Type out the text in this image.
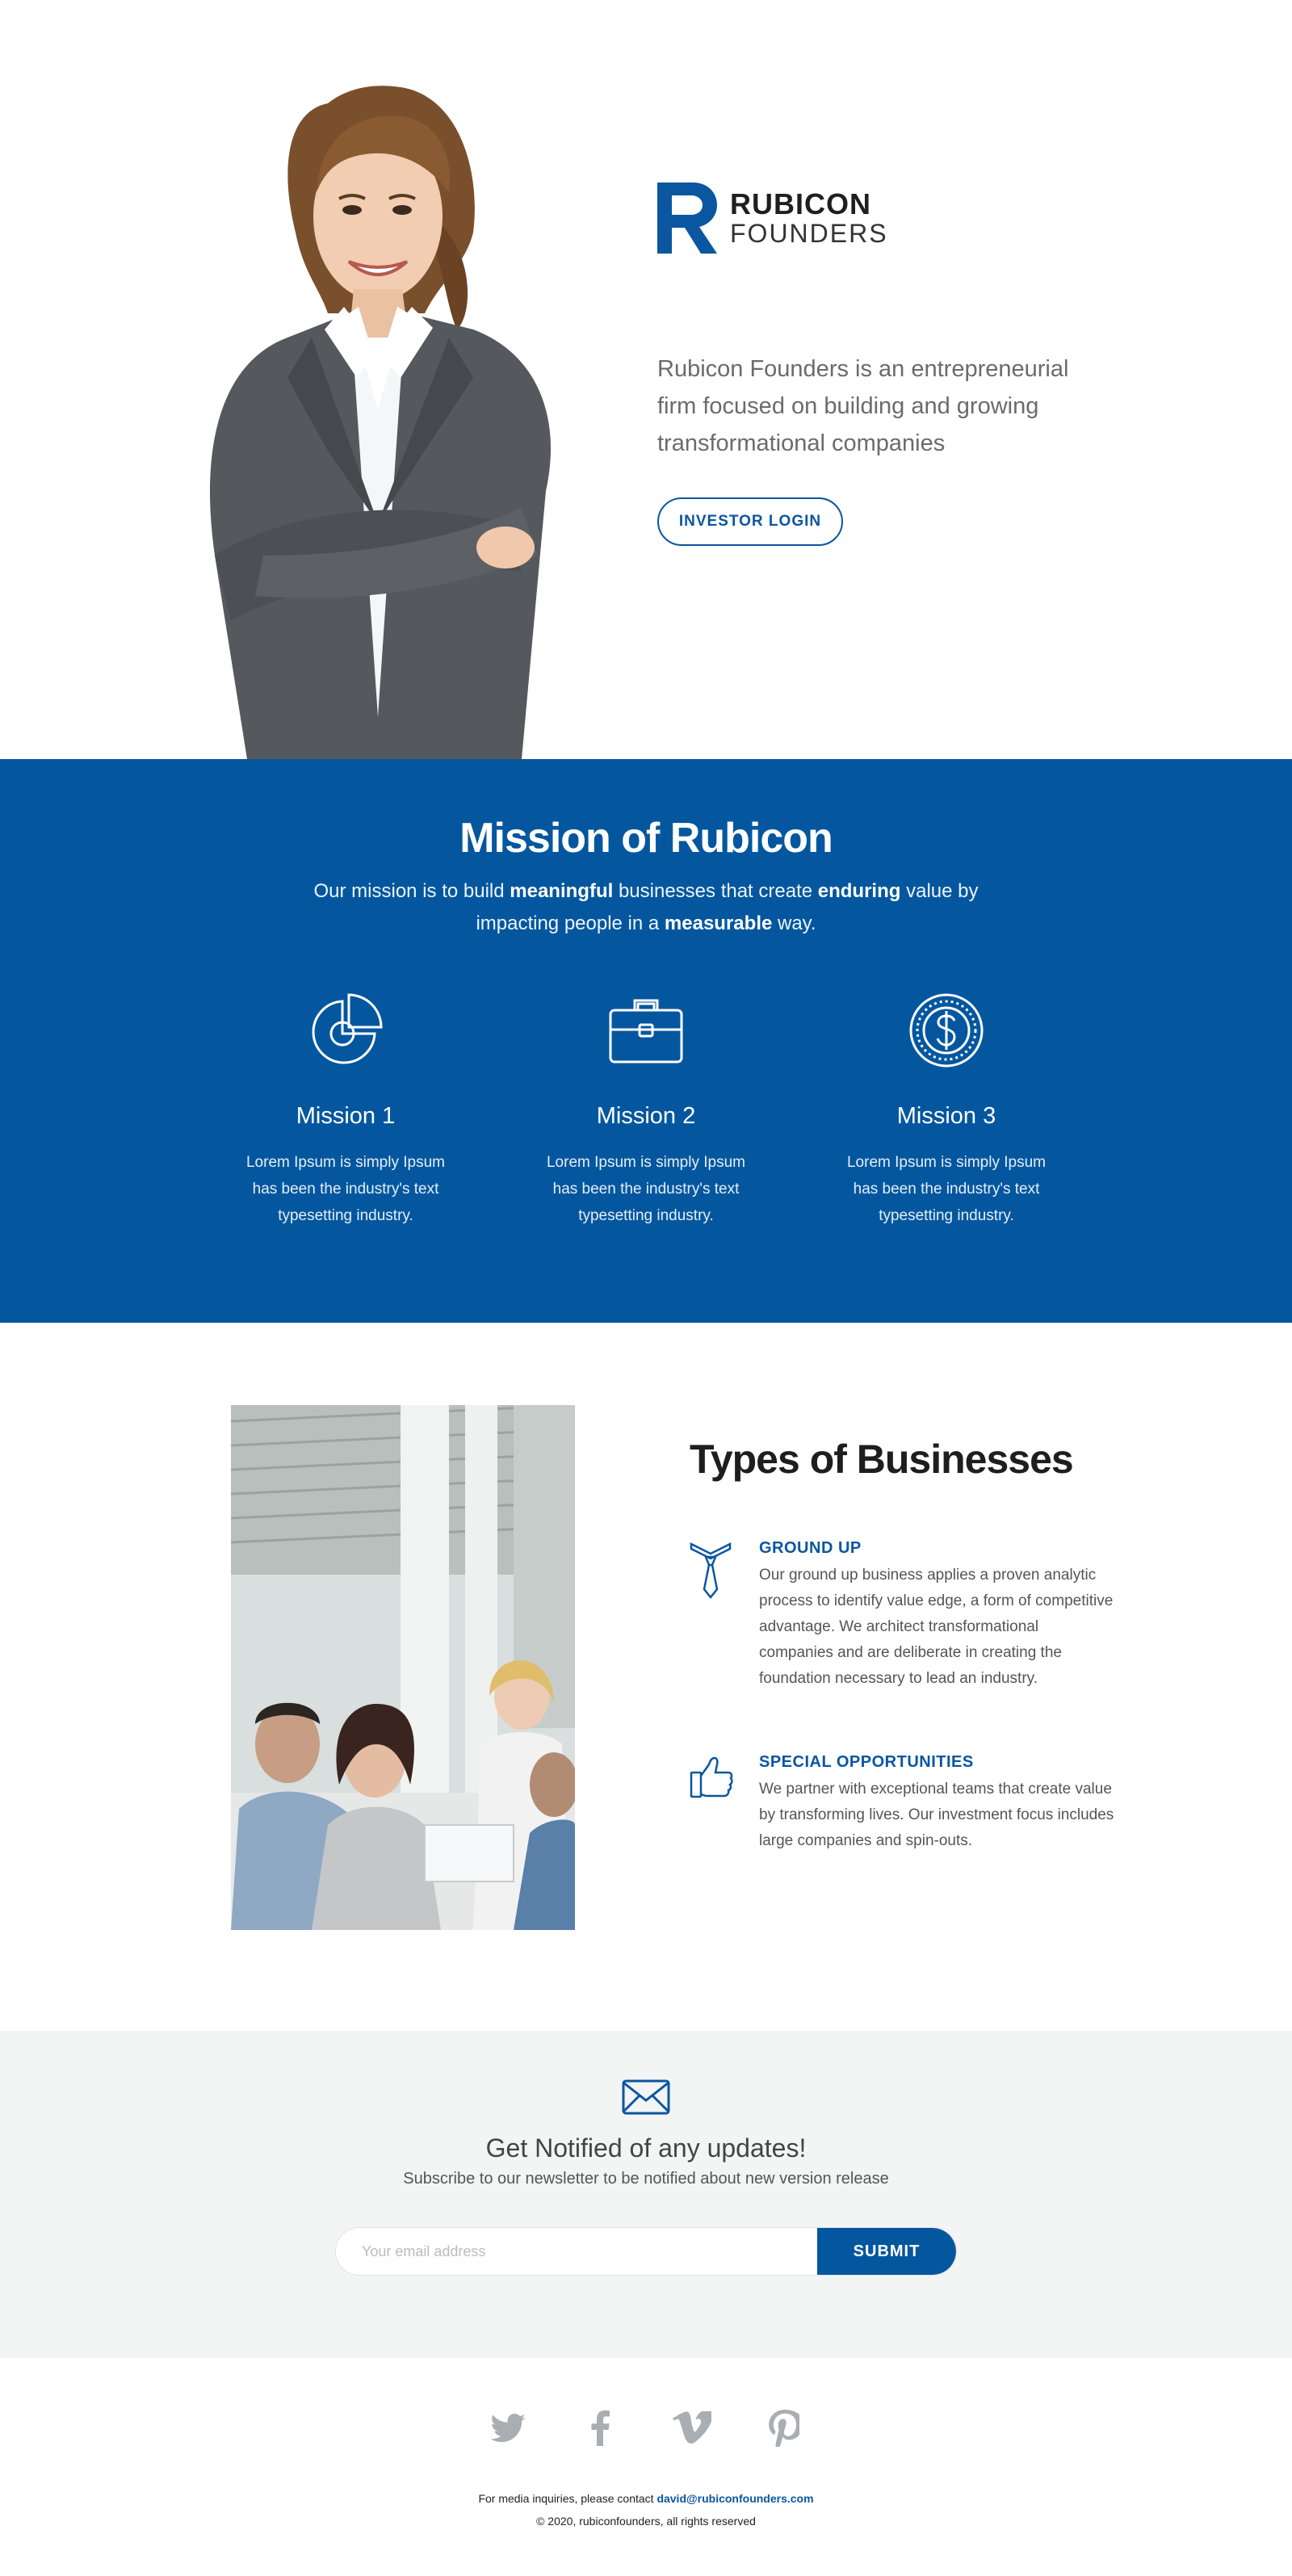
RUBICON
FOUNDERS

Rubicon Founders is an entrepreneurial firm focused on building and growing transformational companies

INVESTOR LOGIN
Mission of Rubicon

Our mission is to build meaningful businesses that create enduring value by impacting people in a measurable way.

Mission 1
Lorem Ipsum is simply Ipsum has been the industry's text typesetting industry.
Mission 2
Lorem Ipsum is simply Ipsum has been the industry's text typesetting industry.
Mission 3
Lorem Ipsum is simply Ipsum has been the industry's text typesetting industry.
Types of Businesses
GROUND UP
Our ground up business applies a proven analytic process to identify value edge, a form of competitive advantage. We architect transformational companies and are deliberate in creating the foundation necessary to lead an industry.
SPECIAL OPPORTUNITIES
We partner with exceptional teams that create value by transforming lives. Our investment focus includes large companies and spin-outs.
Get Notified of any updates!

Subscribe to our newsletter to be notified about new version release

Your email address
SUBMIT

For media inquiries, please contact david@rubiconfounders.com

© 2020, rubiconfounders, all rights reserved
